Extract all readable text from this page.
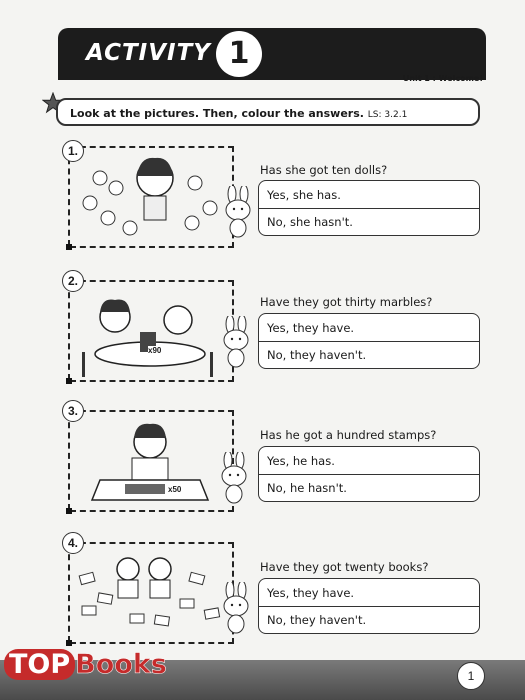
ACTIVITY 1
Unit 1 : Welcome!
Look at the pictures. Then, colour the answers. LS: 3.2.1
1.
Has she got ten dolls?
Yes, she has.
No, she hasn't.
x90
2.
Have they got thirty marbles?
Yes, they have.
No, they haven't.
x50
3.
Has he got a hundred stamps?
Yes, he has.
No, he hasn't.
4.
Have they got twenty books?
Yes, they have.
No, they haven't.
TOP Books	1
